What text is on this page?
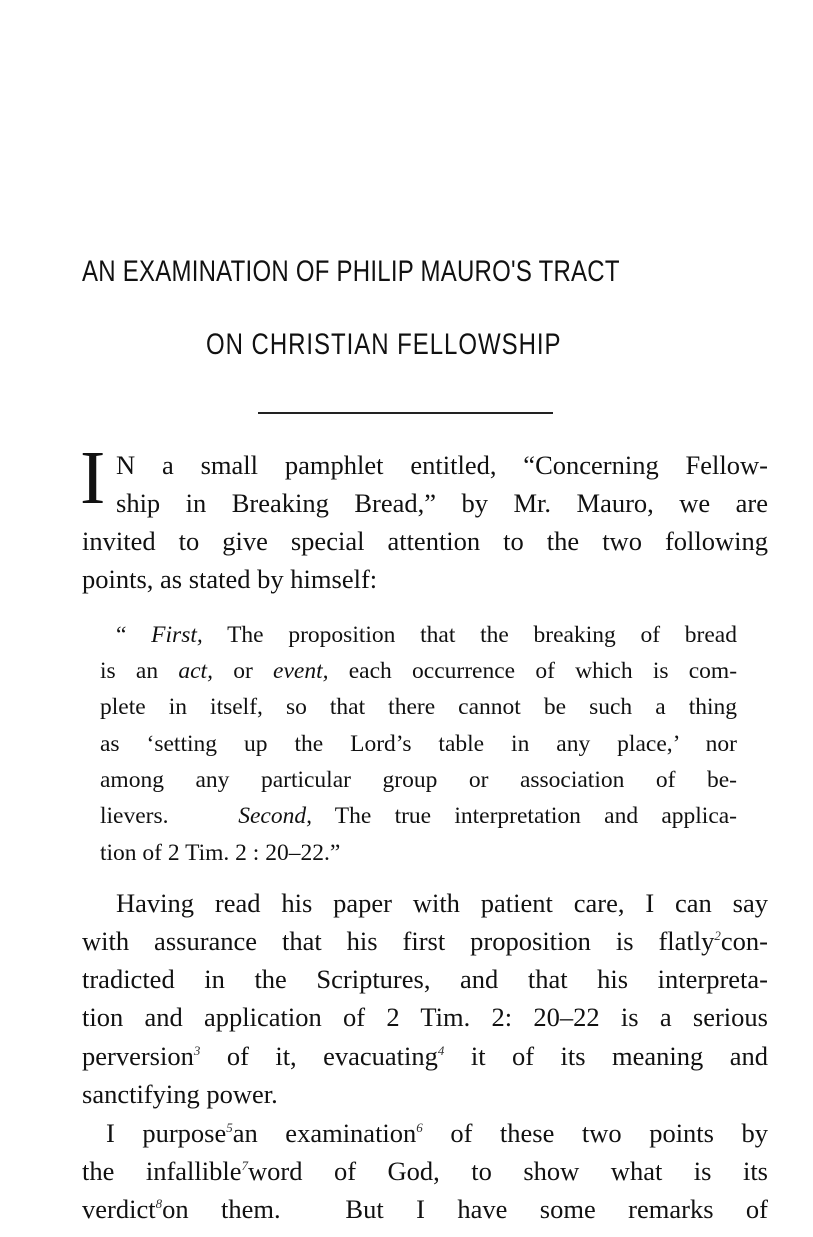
AN EXAMINATION OF PHILIP MAURO'S TRACT
ON CHRISTIAN FELLOWSHIP
I N a small pamphlet entitled, “Concerning Fellow-
ship in Breaking Bread,” by Mr. Mauro, we are
invited to give special attention to the two following
points, as stated by himself:
“ First, The proposition that the breaking of bread
is an act, or event, each occurrence of which is com-
plete in itself, so that there cannot be such a thing
as ‘setting up the Lord’s table in any place,’ nor
among any particular group or association of be-
lievers.	Second, The true interpretation and applica-
tion of 2 Tim. 2 : 20–22.”
Having read his paper with patient care, I can say
with assurance that his first proposition is flatly$^2$con-
tradicted in the Scriptures, and that his interpreta-
tion and application of 2 Tim. 2: 20–22 is a serious
perversion$^3$ of it, evacuating$^4$ it of its meaning and
sanctifying power.
I purpose$^5$an examination$^6$ of these two points by
the infallible$^7$word of God, to show what is its
verdict$^8$on them.  But I have some remarks of
